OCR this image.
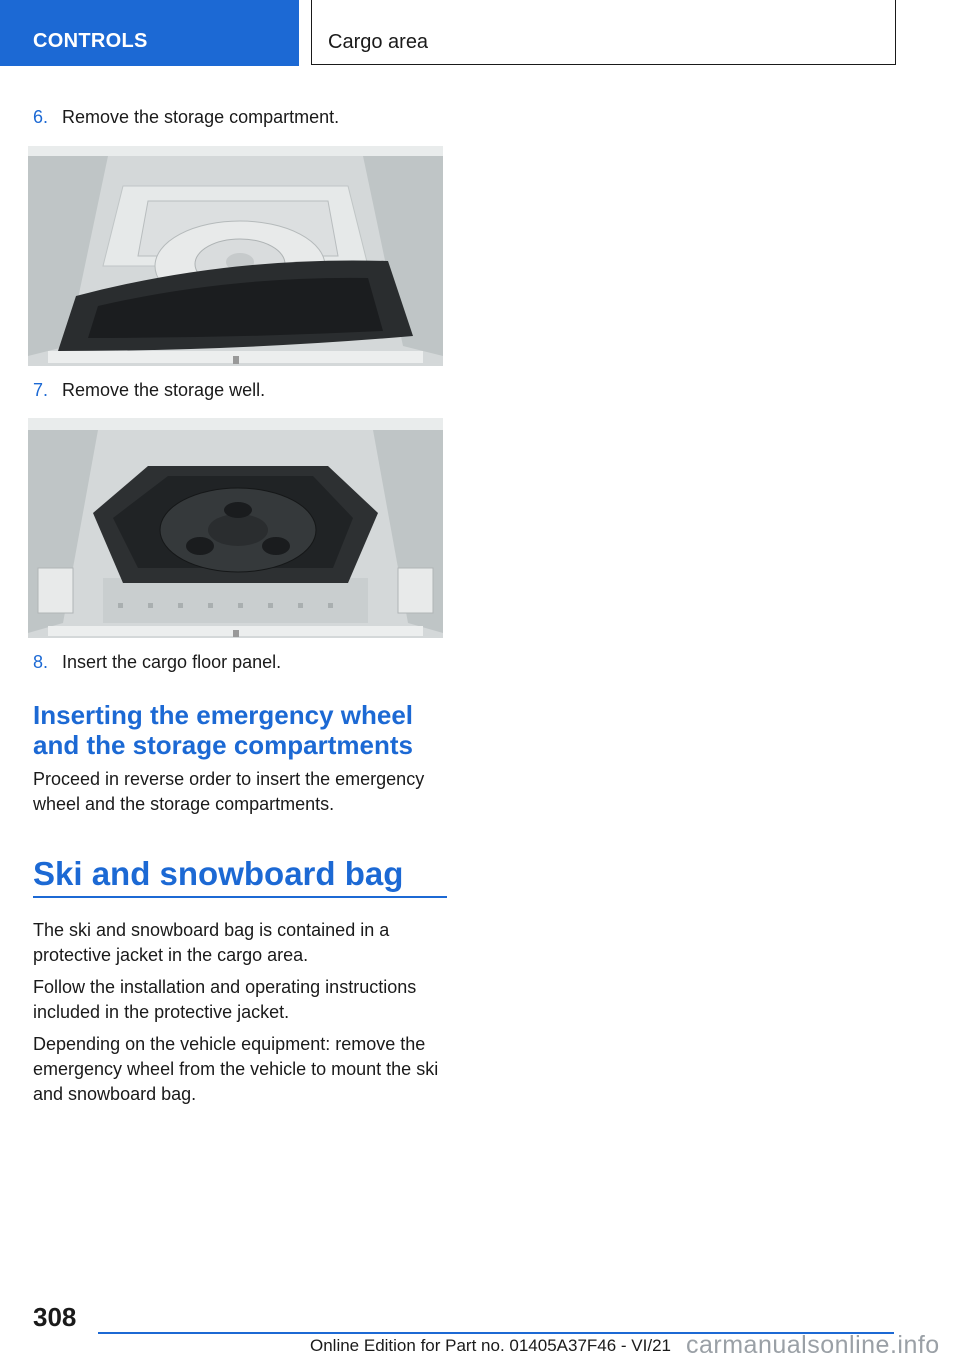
CONTROLS	Cargo area
6. Remove the storage compartment.
7. Remove the storage well.
8. Insert the cargo floor panel.
Inserting the emergency wheel and the storage compartments
Proceed in reverse order to insert the emergency wheel and the storage compartments.
Ski and snowboard bag
The ski and snowboard bag is contained in a protective jacket in the cargo area.
Follow the installation and operating instructions included in the protective jacket.
Depending on the vehicle equipment: remove the emergency wheel from the vehicle to mount the ski and snowboard bag.
308
Online Edition for Part no. 01405A37F46 - VI/21 carmanualsonline.info
